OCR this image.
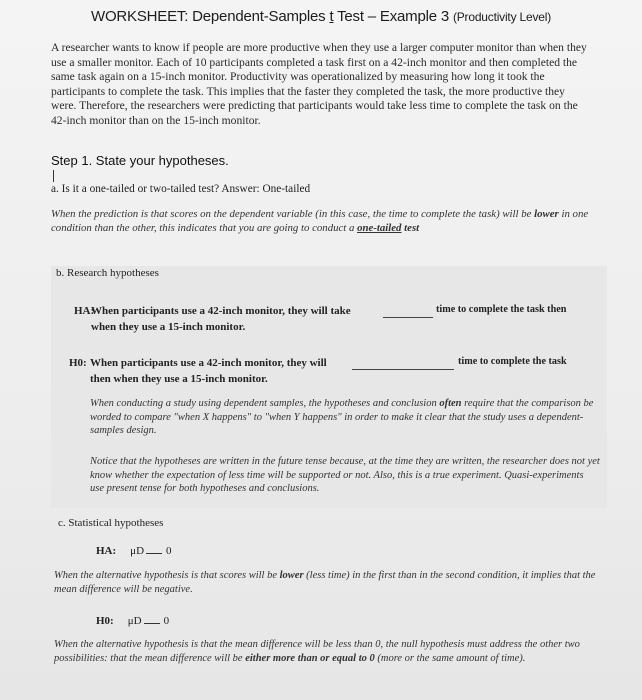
WORKSHEET: Dependent-Samples t Test – Example 3 (Productivity Level)
A researcher wants to know if people are more productive when they use a larger computer monitor than when they use a smaller monitor. Each of 10 participants completed a task first on a 42-inch monitor and then completed the same task again on a 15-inch monitor. Productivity was operationalized by measuring how long it took the participants to complete the task. This implies that the faster they completed the task, the more productive they were. Therefore, the researchers were predicting that participants would take less time to complete the task on the 42-inch monitor than on the 15-inch monitor.
Step 1. State your hypotheses.
a. Is it a one-tailed or two-tailed test? Answer: One-tailed
When the prediction is that scores on the dependent variable (in this case, the time to complete the task) will be lower in one condition than the other, this indicates that you are going to conduct a one-tailed test
b. Research hypotheses
HA:
When participants use a 42-inch monitor, they will take	time to complete the task then
when they use a 15-inch monitor.
H0: When participants use a 42-inch monitor, they will	time to complete the task
then when they use a 15-inch monitor.
When conducting a study using dependent samples, the hypotheses and conclusion often require that the comparison be worded to compare "when X happens" to "when Y happens" in order to make it clear that the study uses a dependent-samples design.
Notice that the hypotheses are written in the future tense because, at the time they are written, the researcher does not yet know whether the expectation of less time will be supported or not. Also, this is a true experiment. Quasi-experiments use present tense for both hypotheses and conclusions.
c. Statistical hypotheses
HA: μD 0
When the alternative hypothesis is that scores will be lower (less time) in the first than in the second condition, it implies that the mean difference will be negative.
H0: μD 0
When the alternative hypothesis is that the mean difference will be less than 0, the null hypothesis must address the other two possibilities: that the mean difference will be either more than or equal to 0 (more or the same amount of time).
